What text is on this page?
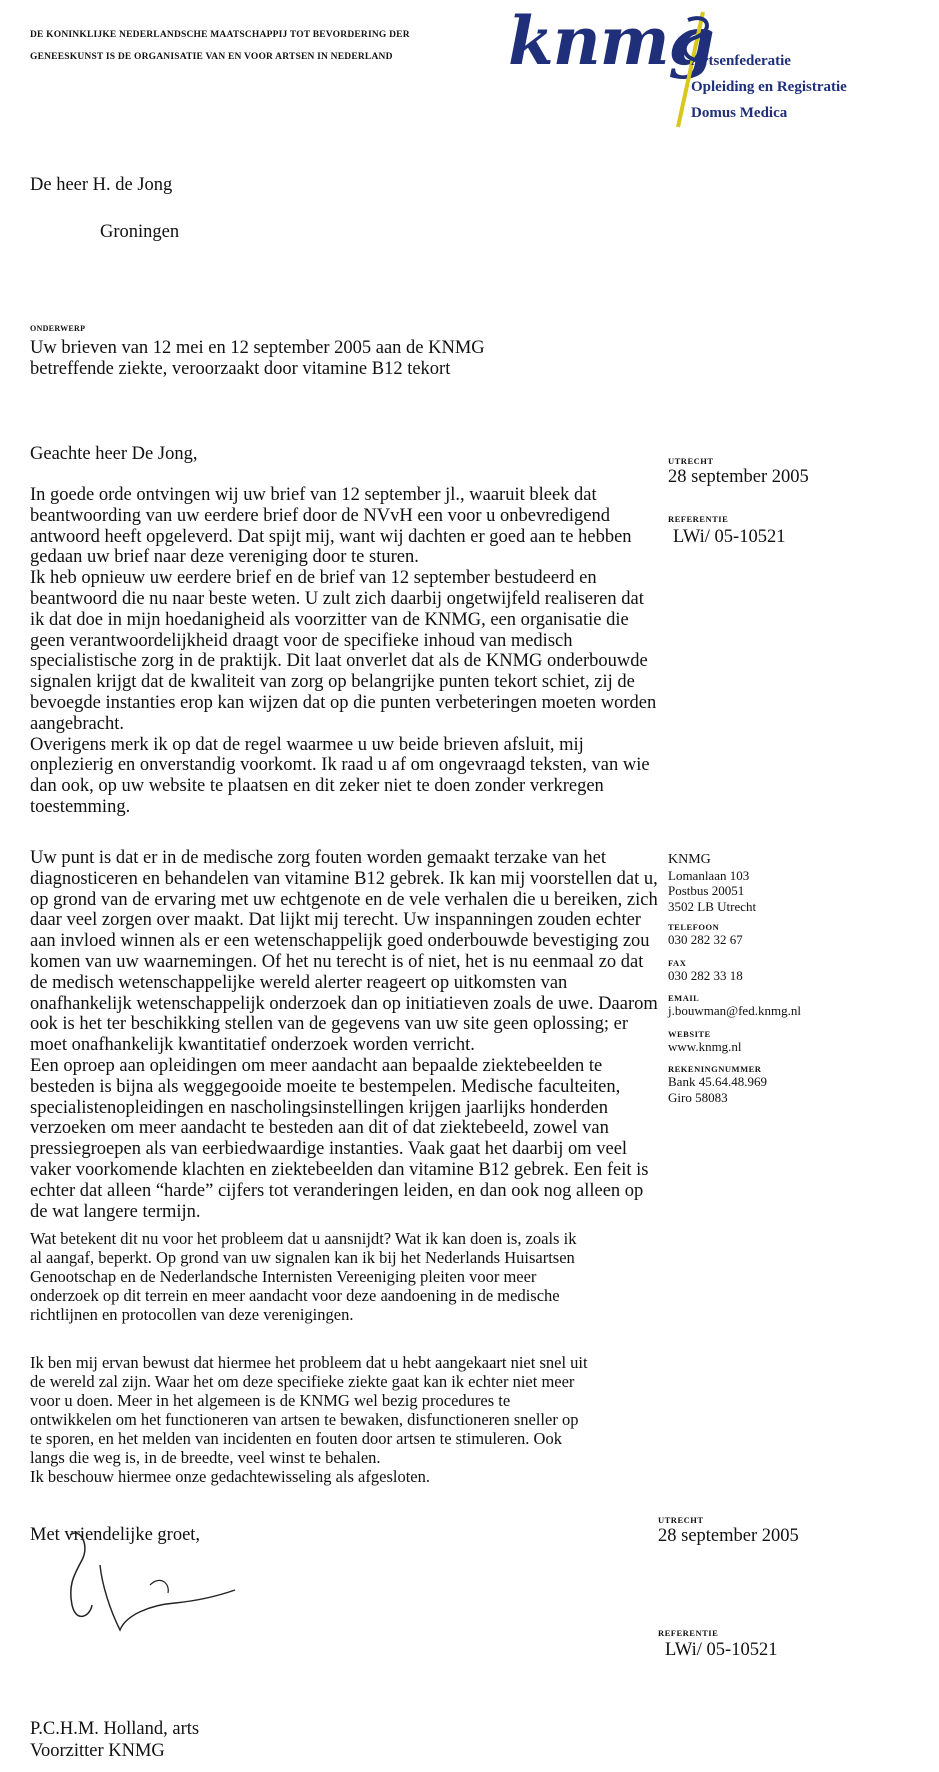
DE KONINKLIJKE NEDERLANDSCHE MAATSCHAPPIJ TOT BEVORDERING DER
GENEESKUNST IS DE ORGANISATIE VAN EN VOOR ARTSEN IN NEDERLAND knmg
Artsenfederatie
Opleiding en Registratie
Domus Medica
De heer H. de Jong
Groningen
ONDERWERP
Uw brieven van 12 mei en 12 september 2005 aan de KNMG
betreffende ziekte, veroorzaakt door vitamine B12 tekort
Geachte heer De Jong,	UTRECHT
28 september 2005
REFERENTIE
LWi/ 05-10521

In goede orde ontvingen wij uw brief van 12 september jl., waaruit bleek dat

beantwoording van uw eerdere brief door de NVvH een voor u onbevredigend

antwoord heeft opgeleverd. Dat spijt mij, want wij dachten er goed aan te hebben

gedaan uw brief naar deze vereniging door te sturen.

Ik heb opnieuw uw eerdere brief en de brief van 12 september bestudeerd en

beantwoord die nu naar beste weten. U zult zich daarbij ongetwijfeld realiseren dat

ik dat doe in mijn hoedanigheid als voorzitter van de KNMG, een organisatie die

geen verantwoordelijkheid draagt voor de specifieke inhoud van medisch

specialistische zorg in de praktijk. Dit laat onverlet dat als de KNMG onderbouwde

signalen krijgt dat de kwaliteit van zorg op belangrijke punten tekort schiet, zij de

bevoegde instanties erop kan wijzen dat op die punten verbeteringen moeten worden

aangebracht.

Overigens merk ik op dat de regel waarmee u uw beide brieven afsluit, mij

onplezierig en onverstandig voorkomt. Ik raad u af om ongevraagd teksten, van wie

dan ook, op uw website te plaatsen en dit zeker niet te doen zonder verkregen

toestemming.

Uw punt is dat er in de medische zorg fouten worden gemaakt terzake van het

diagnosticeren en behandelen van vitamine B12 gebrek. Ik kan mij voorstellen dat u,

op grond van de ervaring met uw echtgenote en de vele verhalen die u bereiken, zich

daar veel zorgen over maakt. Dat lijkt mij terecht. Uw inspanningen zouden echter

aan invloed winnen als er een wetenschappelijk goed onderbouwde bevestiging zou

komen van uw waarnemingen. Of het nu terecht is of niet, het is nu eenmaal zo dat

de medisch wetenschappelijke wereld alerter reageert op uitkomsten van

onafhankelijk wetenschappelijk onderzoek dan op initiatieven zoals de uwe. Daarom

ook is het ter beschikking stellen van de gegevens van uw site geen oplossing; er

moet onafhankelijk kwantitatief onderzoek worden verricht.

Een oproep aan opleidingen om meer aandacht aan bepaalde ziektebeelden te

besteden is bijna als weggegooide moeite te bestempelen. Medische faculteiten,

specialistenopleidingen en nascholingsinstellingen krijgen jaarlijks honderden

verzoeken om meer aandacht te besteden aan dit of dat ziektebeeld, zowel van

pressiegroepen als van eerbiedwaardige instanties. Vaak gaat het daarbij om veel

vaker voorkomende klachten en ziektebeelden dan vitamine B12 gebrek. Een feit is

echter dat alleen “harde” cijfers tot veranderingen leiden, en dan ook nog alleen op

de wat langere termijn.

KNMG
Lomanlaan 103
Postbus 20051
3502 LB Utrecht
TELEFOON
030 282 32 67
FAX
030 282 33 18
EMAIL
j.bouwman@fed.knmg.nl
WEBSITE
www.knmg.nl
REKENINGNUMMER
Bank 45.64.48.969
Giro 58083

Wat betekent dit nu voor het probleem dat u aansnijdt? Wat ik kan doen is, zoals ik

al aangaf, beperkt. Op grond van uw signalen kan ik bij het Nederlands Huisartsen

Genootschap en de Nederlandsche Internisten Vereeniging pleiten voor meer

onderzoek op dit terrein en meer aandacht voor deze aandoening in de medische

richtlijnen en protocollen van deze verenigingen.

Ik ben mij ervan bewust dat hiermee het probleem dat u hebt aangekaart niet snel uit

de wereld zal zijn. Waar het om deze specifieke ziekte gaat kan ik echter niet meer

voor u doen. Meer in het algemeen is de KNMG wel bezig procedures te

ontwikkelen om het functioneren van artsen te bewaken, disfunctioneren sneller op

te sporen, en het melden van incidenten en fouten door artsen te stimuleren. Ook

langs die weg is, in de breedte, veel winst te behalen.

Ik beschouw hiermee onze gedachtewisseling als afgesloten.

Met vriendelijke groet,
P.C.H.M. Holland, arts
Voorzitter KNMG
UTRECHT
28 september 2005
REFERENTIE
LWi/ 05-10521
